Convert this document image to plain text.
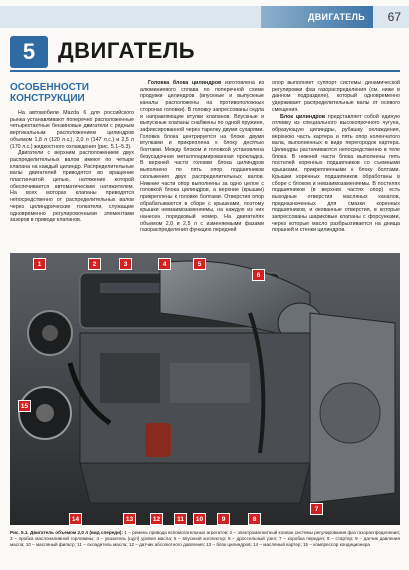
ДВИГАТЕЛЬ	67
5	ДВИГАТЕЛЬ
ОСОБЕННОСТИ КОНСТРУКЦИИ

На автомобили Mazda 6 для российского рынка устанавливают поперечно расположенные четырехтактные бензиновые двигатели с рядным вертикальным расположением цилиндров объемом 1,8 л (120 л.с.), 2,0 л (147 л.с.) и 2,5 л (170 л.с.) жидкостного охлаждения (рис. 5.1–5.3).

Двигатели с верхним расположением двух распределительных валов имеют по четыре клапана на каждый цилиндр. Распределительные валы двигателей приводятся во вращение пластинчатой цепью, натяжение которой обеспечивается автоматическим натяжителем. На всех моторах клапаны приводятся непосредственно от распределительных валов через цилиндрические толкатели, служащие одновременно регулировочными элементами зазоров в приводе клапанов.

Головка блока цилиндров изготовлена из алюминиевого сплава по поперечной схеме продувки цилиндров (впускные и выпускные каналы расположены на противоположных сторонах головки). В головку запрессованы седла и направляющие втулки клапанов. Впускные и выпускные клапаны снабжены по одной пружине, зафиксированной через тарелку двумя сухарями. Головка блока центрируется на блоке двумя втулками и прикреплена к блоку десятью болтами. Между блоком и головкой установлена безусадочная металлоармированная прокладка. В верхней части головки блока цилиндров выполнено по пять опор подшипников скольжения двух распределительных валов. Нижние части опор выполнены за одно целое с головкой блока цилиндров, а верхние (крышки) прикреплены к головке болтами. Отверстия опор обрабатываются в сборе с крышками, поэтому крышки невзаимозаменяемы, на каждую из них нанесен порядковый номер. На двигателях объемом 2,0 и 2,5 л с изменяемыми фазами газораспределения функцию передней

опор выполняет суппорт системы динамической регулировки фаз газораспределения (см. ниже в данном подразделе), который одновременно удерживает распределительные валы от осевого смещения.

Блок цилиндров представляет собой единую отливку из специального высокопрочного чугуна, образующую цилиндры, рубашку охлаждения, верхнюю часть картера и пять опор коленчатого вала, выполненных в виде перегородок картера. Цилиндры растачиваются непосредственно в теле блока. В нижней части блока выполнены пять постелей коренных подшипников со съемными крышками, прикрепленными к блоку болтами. Крышки коренных подшипников обработаны в сборе с блоком и невзаимозаменяемы. В постелях подшипников (в верхних частях опор) есть выходные отверстия масляных каналов, предназначенных для смазки коренных подшипников, и окованные отверстия, в которые запрессованы шариковые клапаны с форсунками, через которые масло разбрызгивается на днища поршней и стенки цилиндров.

1	2	3	4	5
6
15
14	13	12	11	10	9	8
7
Рис. 5.1. Двигатель объемом 2,0 л (вид спереди): 1 – ремень привода вспомогательных агрегатов; 2 – электромагнитный клапан системы регулирования фаз газораспределения; 3 – пробка маслоналивной горловины; 4 – указатель (щуп) уровня масла; 5 – впускной коллектор; 6 – дроссельный узел; 7 – коробка передач; 8 – стартер; 9 – датчик давления масла; 10 – масляный фильтр; 11 – охладитель масла; 12 – датчик абсолютного давления; 13 – блок цилиндров; 14 – масляный картер; 15 – компрессор кондиционера
